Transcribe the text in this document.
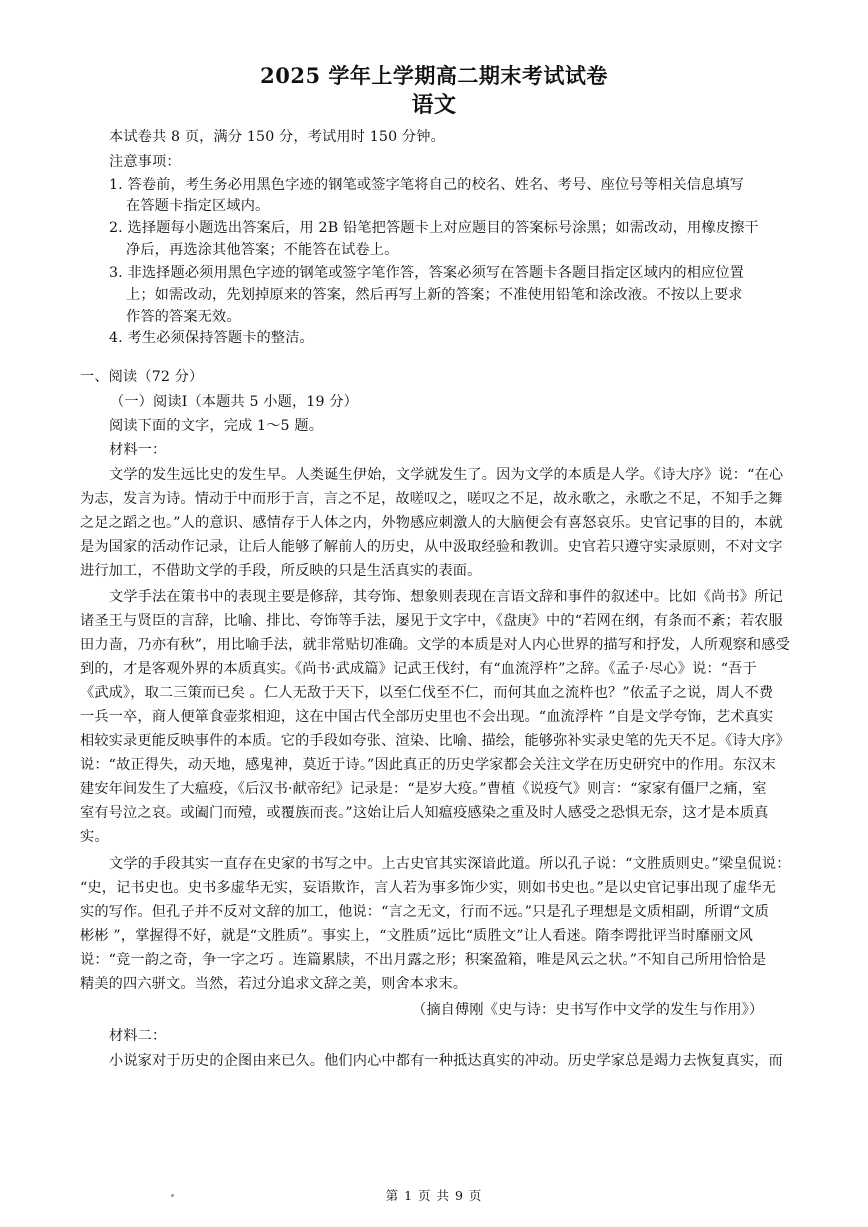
2025 学年上学期高二期末考试试卷
语文
本试卷共 8 页，满分 150 分，考试用时 150 分钟。
注意事项：
1. 答卷前，考生务必用黑色字迹的钢笔或签字笔将自己的校名、姓名、考号、座位号等相关信息填写
在答题卡指定区域内。
2. 选择题每小题选出答案后，用 2B 铅笔把答题卡上对应题目的答案标号涂黑；如需改动，用橡皮擦干
净后，再选涂其他答案；不能答在试卷上。
3. 非选择题必须用黑色字迹的钢笔或签字笔作答，答案必须写在答题卡各题目指定区域内的相应位置
上；如需改动，先划掉原来的答案，然后再写上新的答案；不准使用铅笔和涂改液。不按以上要求
作答的答案无效。
4. 考生必须保持答题卡的整洁。
一、阅读（72 分）
（一）阅读Ⅰ（本题共 5 小题，19 分）
阅读下面的文字，完成 1～5 题。
材料一：
文学的发生远比史的发生早。人类诞生伊始，文学就发生了。因为文学的本质是人学。《诗大序》说：“在心
为志，发言为诗。情动于中而形于言，言之不足，故嗟叹之，嗟叹之不足，故永歌之，永歌之不足，不知手之舞
之足之蹈之也。”人的意识、感情存于人体之内，外物感应刺激人的大脑便会有喜怒哀乐。史官记事的目的，本就
是为国家的活动作记录，让后人能够了解前人的历史，从中汲取经验和教训。史官若只遵守实录原则，不对文字
进行加工，不借助文学的手段，所反映的只是生活真实的表面。
文学手法在策书中的表现主要是修辞，其夸饰、想象则表现在言语文辞和事件的叙述中。比如《尚书》所记
诸圣王与贤臣的言辞，比喻、排比、夸饰等手法，屡见于文字中，《盘庚》中的“若网在纲，有条而不紊；若农服
田力啬，乃亦有秋”，用比喻手法，就非常贴切准确。文学的本质是对人内心世界的描写和抒发，人所观察和感受
到的，才是客观外界的本质真实。《尚书·武成篇》记武王伐纣，有“血流浮杵”之辞。《孟子·尽心》说：“吾于
《武成》，取二三策而已矣 。仁人无敌于天下，以至仁伐至不仁，而何其血之流杵也？”依孟子之说，周人不费
一兵一卒，商人便箪食壶浆相迎，这在中国古代全部历史里也不会出现。“血流浮杵 ”自是文学夸饰，艺术真实
相较实录更能反映事件的本质。它的手段如夸张、渲染、比喻、描绘，能够弥补实录史笔的先天不足。《诗大序》
说：“故正得失，动天地，感鬼神，莫近于诗。”因此真正的历史学家都会关注文学在历史研究中的作用。东汉末
建安年间发生了大瘟疫，《后汉书·献帝纪》记录是：“是岁大疫。”曹植《说疫气》则言：“家家有僵尸之痛，室
室有号泣之哀。或阖门而殪，或覆族而丧。”这始让后人知瘟疫感染之重及时人感受之恐惧无奈，这才是本质真
实。
文学的手段其实一直存在史家的书写之中。上古史官其实深谙此道。所以孔子说：“文胜质则史。”梁皇侃说：
“史，记书史也。史书多虚华无实，妄语欺诈，言人若为事多饰少实，则如书史也。”是以史官记事出现了虚华无
实的写作。但孔子并不反对文辞的加工，他说：“言之无文，行而不远。”只是孔子理想是文质相副，所谓“文质
彬彬 ”，掌握得不好，就是“文胜质”。事实上，“文胜质”远比“质胜文”让人看迷。隋李谔批评当时靡丽文风
说：“竞一韵之奇，争一字之巧 。连篇累牍，不出月露之形；积案盈箱，唯是风云之状。”不知自己所用恰恰是
精美的四六骈文。当然，若过分追求文辞之美，则舍本求末。
（摘自傅刚《史与诗：史书写作中文学的发生与作用》）
材料二：
小说家对于历史的企图由来已久。他们内心中都有一种抵达真实的冲动。历史学家总是竭力去恢复真实，而
第 1 页 共 9 页
